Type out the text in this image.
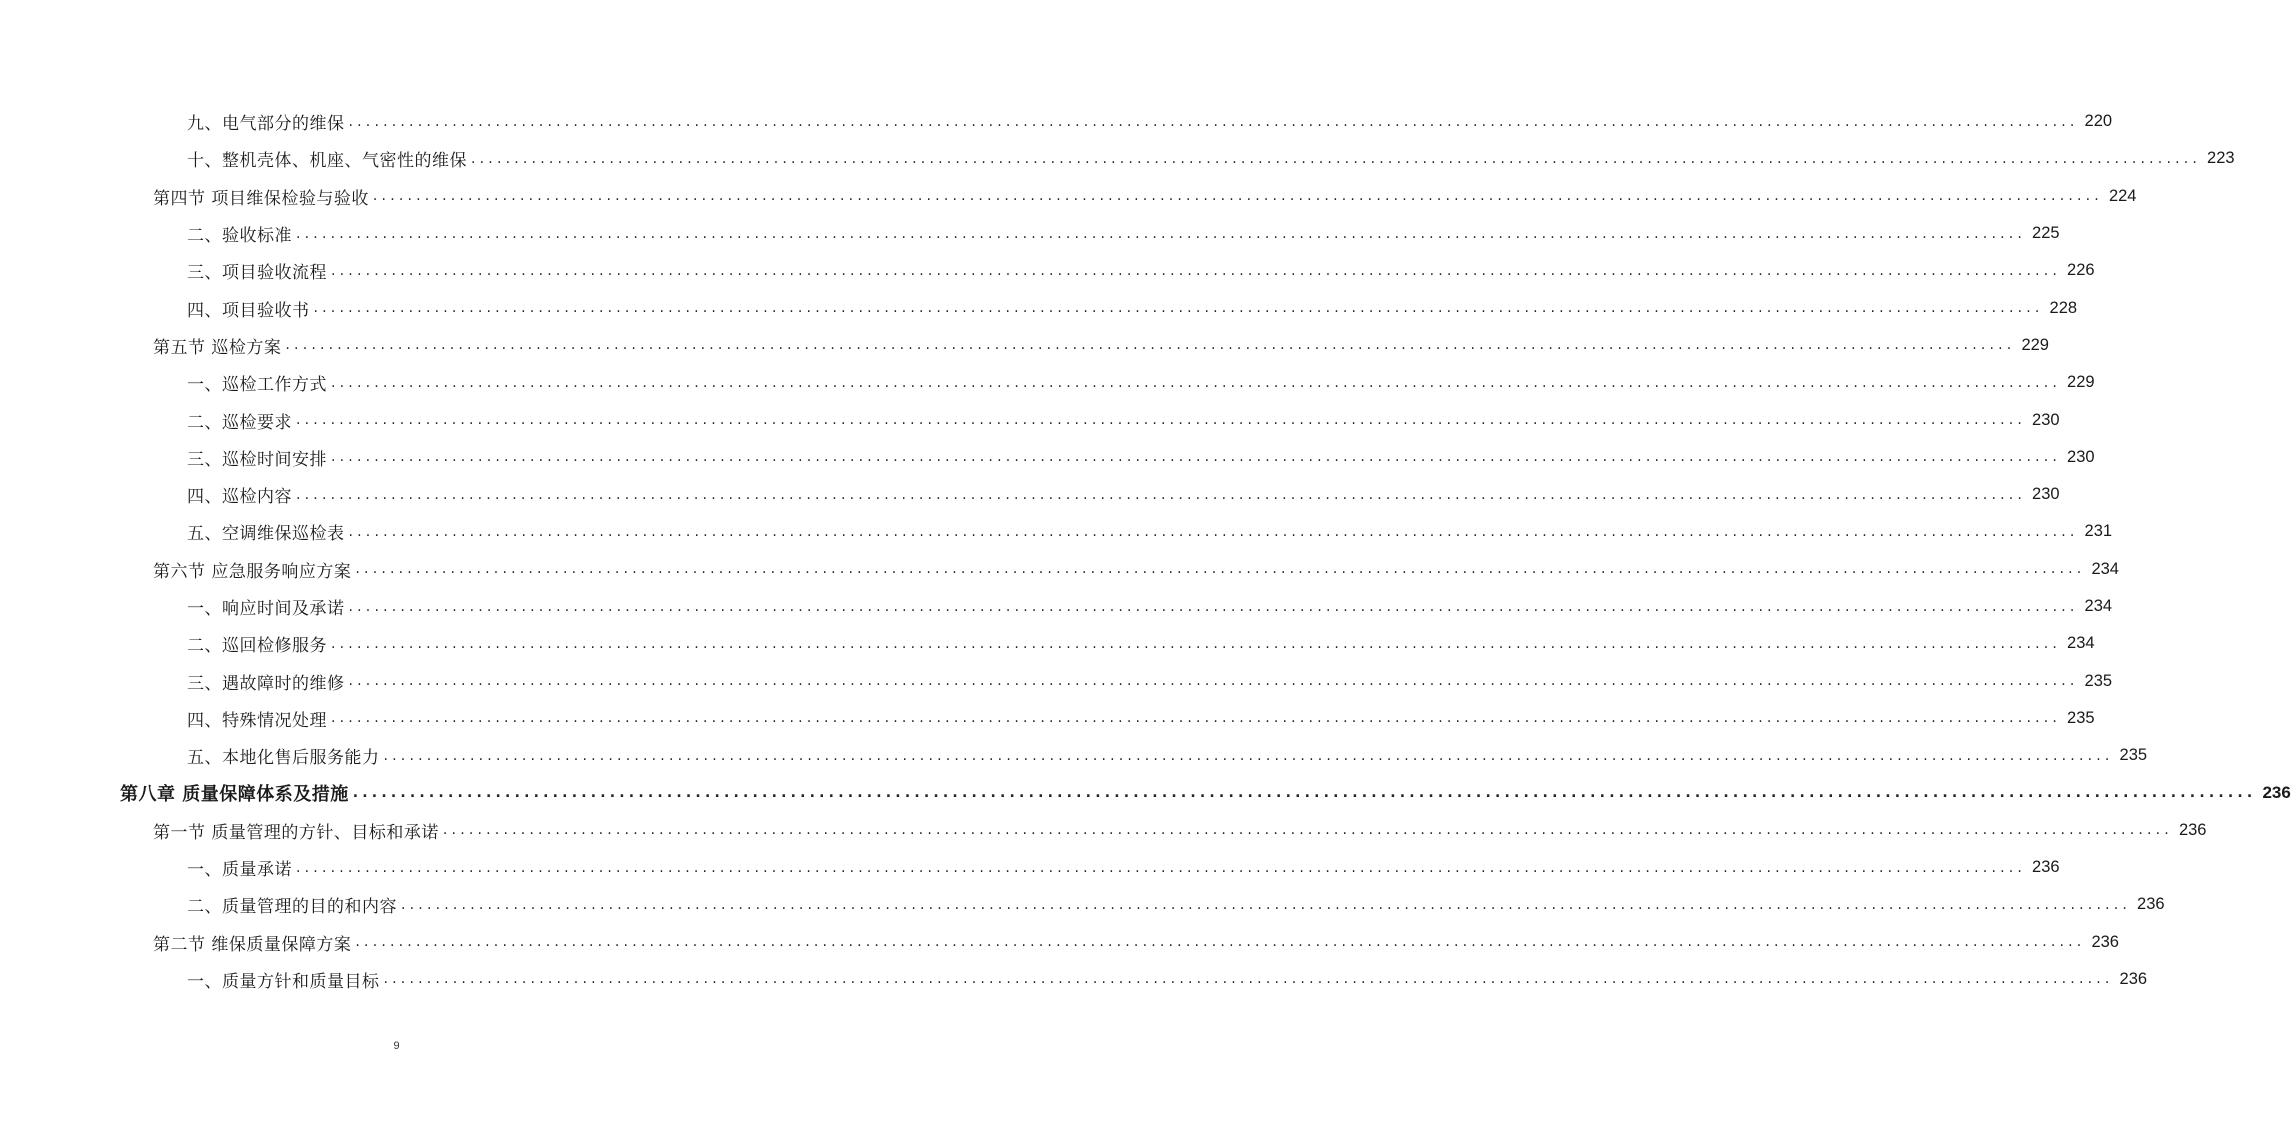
九、电气部分的维保 ........................................................................................................................................................................................................ 220
十、整机壳体、机座、气密性的维保 ........................................................................................................................................................................................................ 223
第四节 项目维保检验与验收 ........................................................................................................................................................................................................ 224
二、验收标准 ........................................................................................................................................................................................................ 225
三、项目验收流程 ........................................................................................................................................................................................................ 226
四、项目验收书 ........................................................................................................................................................................................................ 228
第五节 巡检方案 ........................................................................................................................................................................................................ 229
一、巡检工作方式 ........................................................................................................................................................................................................ 229
二、巡检要求 ........................................................................................................................................................................................................ 230
三、巡检时间安排 ........................................................................................................................................................................................................ 230
四、巡检内容 ........................................................................................................................................................................................................ 230
五、空调维保巡检表 ........................................................................................................................................................................................................ 231
第六节 应急服务响应方案 ........................................................................................................................................................................................................ 234
一、响应时间及承诺 ........................................................................................................................................................................................................ 234
二、巡回检修服务 ........................................................................................................................................................................................................ 234
三、遇故障时的维修 ........................................................................................................................................................................................................ 235
四、特殊情况处理 ........................................................................................................................................................................................................ 235
五、本地化售后服务能力 ........................................................................................................................................................................................................ 235
第八章 质量保障体系及措施 ........................................................................................................................................................................................................ 236
第一节 质量管理的方针、目标和承诺 ........................................................................................................................................................................................................ 236
一、质量承诺 ........................................................................................................................................................................................................ 236
二、质量管理的目的和内容 ........................................................................................................................................................................................................ 236
第二节 维保质量保障方案 ........................................................................................................................................................................................................ 236
一、质量方针和质量目标 ........................................................................................................................................................................................................ 236
9
